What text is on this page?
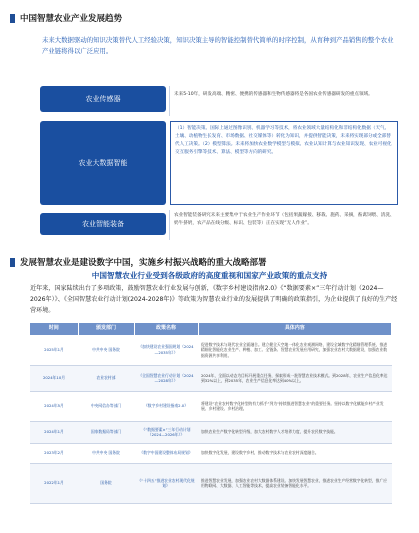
中国智慧农业产业发展趋势
未来大数据驱动的知识决策替代人工经验决策，知识决策主导的智能控制替代简单的时序控制，从育种到产品销售的整个农业产业链将得以广泛应用。
农业传感器
未来5-10年，研发高端、精密、便携的传感器和生物传感器将是各国农业传感器研发的重点领域。
农业大数据智能
（1）智能决策。国际上通过图像识别、机器学习等技术，将农业领域大量结构化和非结构化数据（天气、土壤、动植物生长发育、市场数据、社交媒体等）转化为知识，并提供智能决策，未来将实现部分或全部替代人工决策。（2）模型算法。未来将加快农业数学模型与模拟、农业认知计算与农业知识发现、农业可视化交互服务引擎等技术、算法、模型等方向的研究。
农业智能装备
农业智能装备研究未来主要集中于农业生产作业环节（包括果蔬嫁接、移栽、施药、采摘，畜禽饲喂、清洗、奶牛挤奶，农产品在线分级、标识、包装等）正在实现“无人作业”。
发展智慧农业是建设数字中国，实施乡村振兴战略的重大战略部署
中国智慧农业行业受到各级政府的高度重视和国家产业政策的重点支持
近年来，国家陆续出台了多项政策，鼓励智慧农业行业发展与创新，《数字乡村建设指南2.0》《“数据要素×”三年行动计划（2024—2026年）》、《全国智慧农业行动计划(2024-2028年)》等政策为智慧农业行业的发展提供了明确的政策指引，为企业提供了良好的生产经营环境。
时间	颁发部门	政策名称	具体内容
2025年1月	中共中央 国务院	《加快建设农业强国规划（2024—2035年）》	促进数字技术与现代农业全面融合。建立健全天空地一体化农业观测网络，建设全域数字化精细管理系统，推进精细化智能化农业生产、种植、加工、全链条、智慧农业发展应用研究，加强农业农村大数据建设，加强农业数据资源共享利用。
2024年10月	农业农村部	《全国智慧农业行动计划（2024—2028年）》	2024年，全面以动态为目标开展重点任务，探索形成一批智慧农业技术模式。到2028年，农业生产信息化率达到32%以上，到2035年，农业生产信息化率达到40%以上。
2024年5月	中央网信办等部门	《数字乡村建设指南2.0》	将建设“农业农村数字化转型的有力抓手”列为“持续推进智慧农业”的重要任务。坚持以数字化赋能乡村产业发展、乡村建设、乡村治理。
2024年1月	国家数据局等部门	《“数据要素×”三年行动计划（2024—2026年）》	加快农业生产数字化转型升级，加大农村数字人才培养力度，提升农民数字技能。
2023年2月	中共中央 国务院	《数字中国建设整体布局规划》	加快数字化发展，建设数字乡村，推动数字技术与农业农村深度融合。
2022年1月	国务院	《“十四五”推进农业农村现代化规划》	推进智慧农业发展，加强农业农村大数据体系建设。加快发展智慧农业，推进农业生产经营数字化转型，推广应用物联网、大数据、人工智能等技术，提高农业装备智能化水平。
